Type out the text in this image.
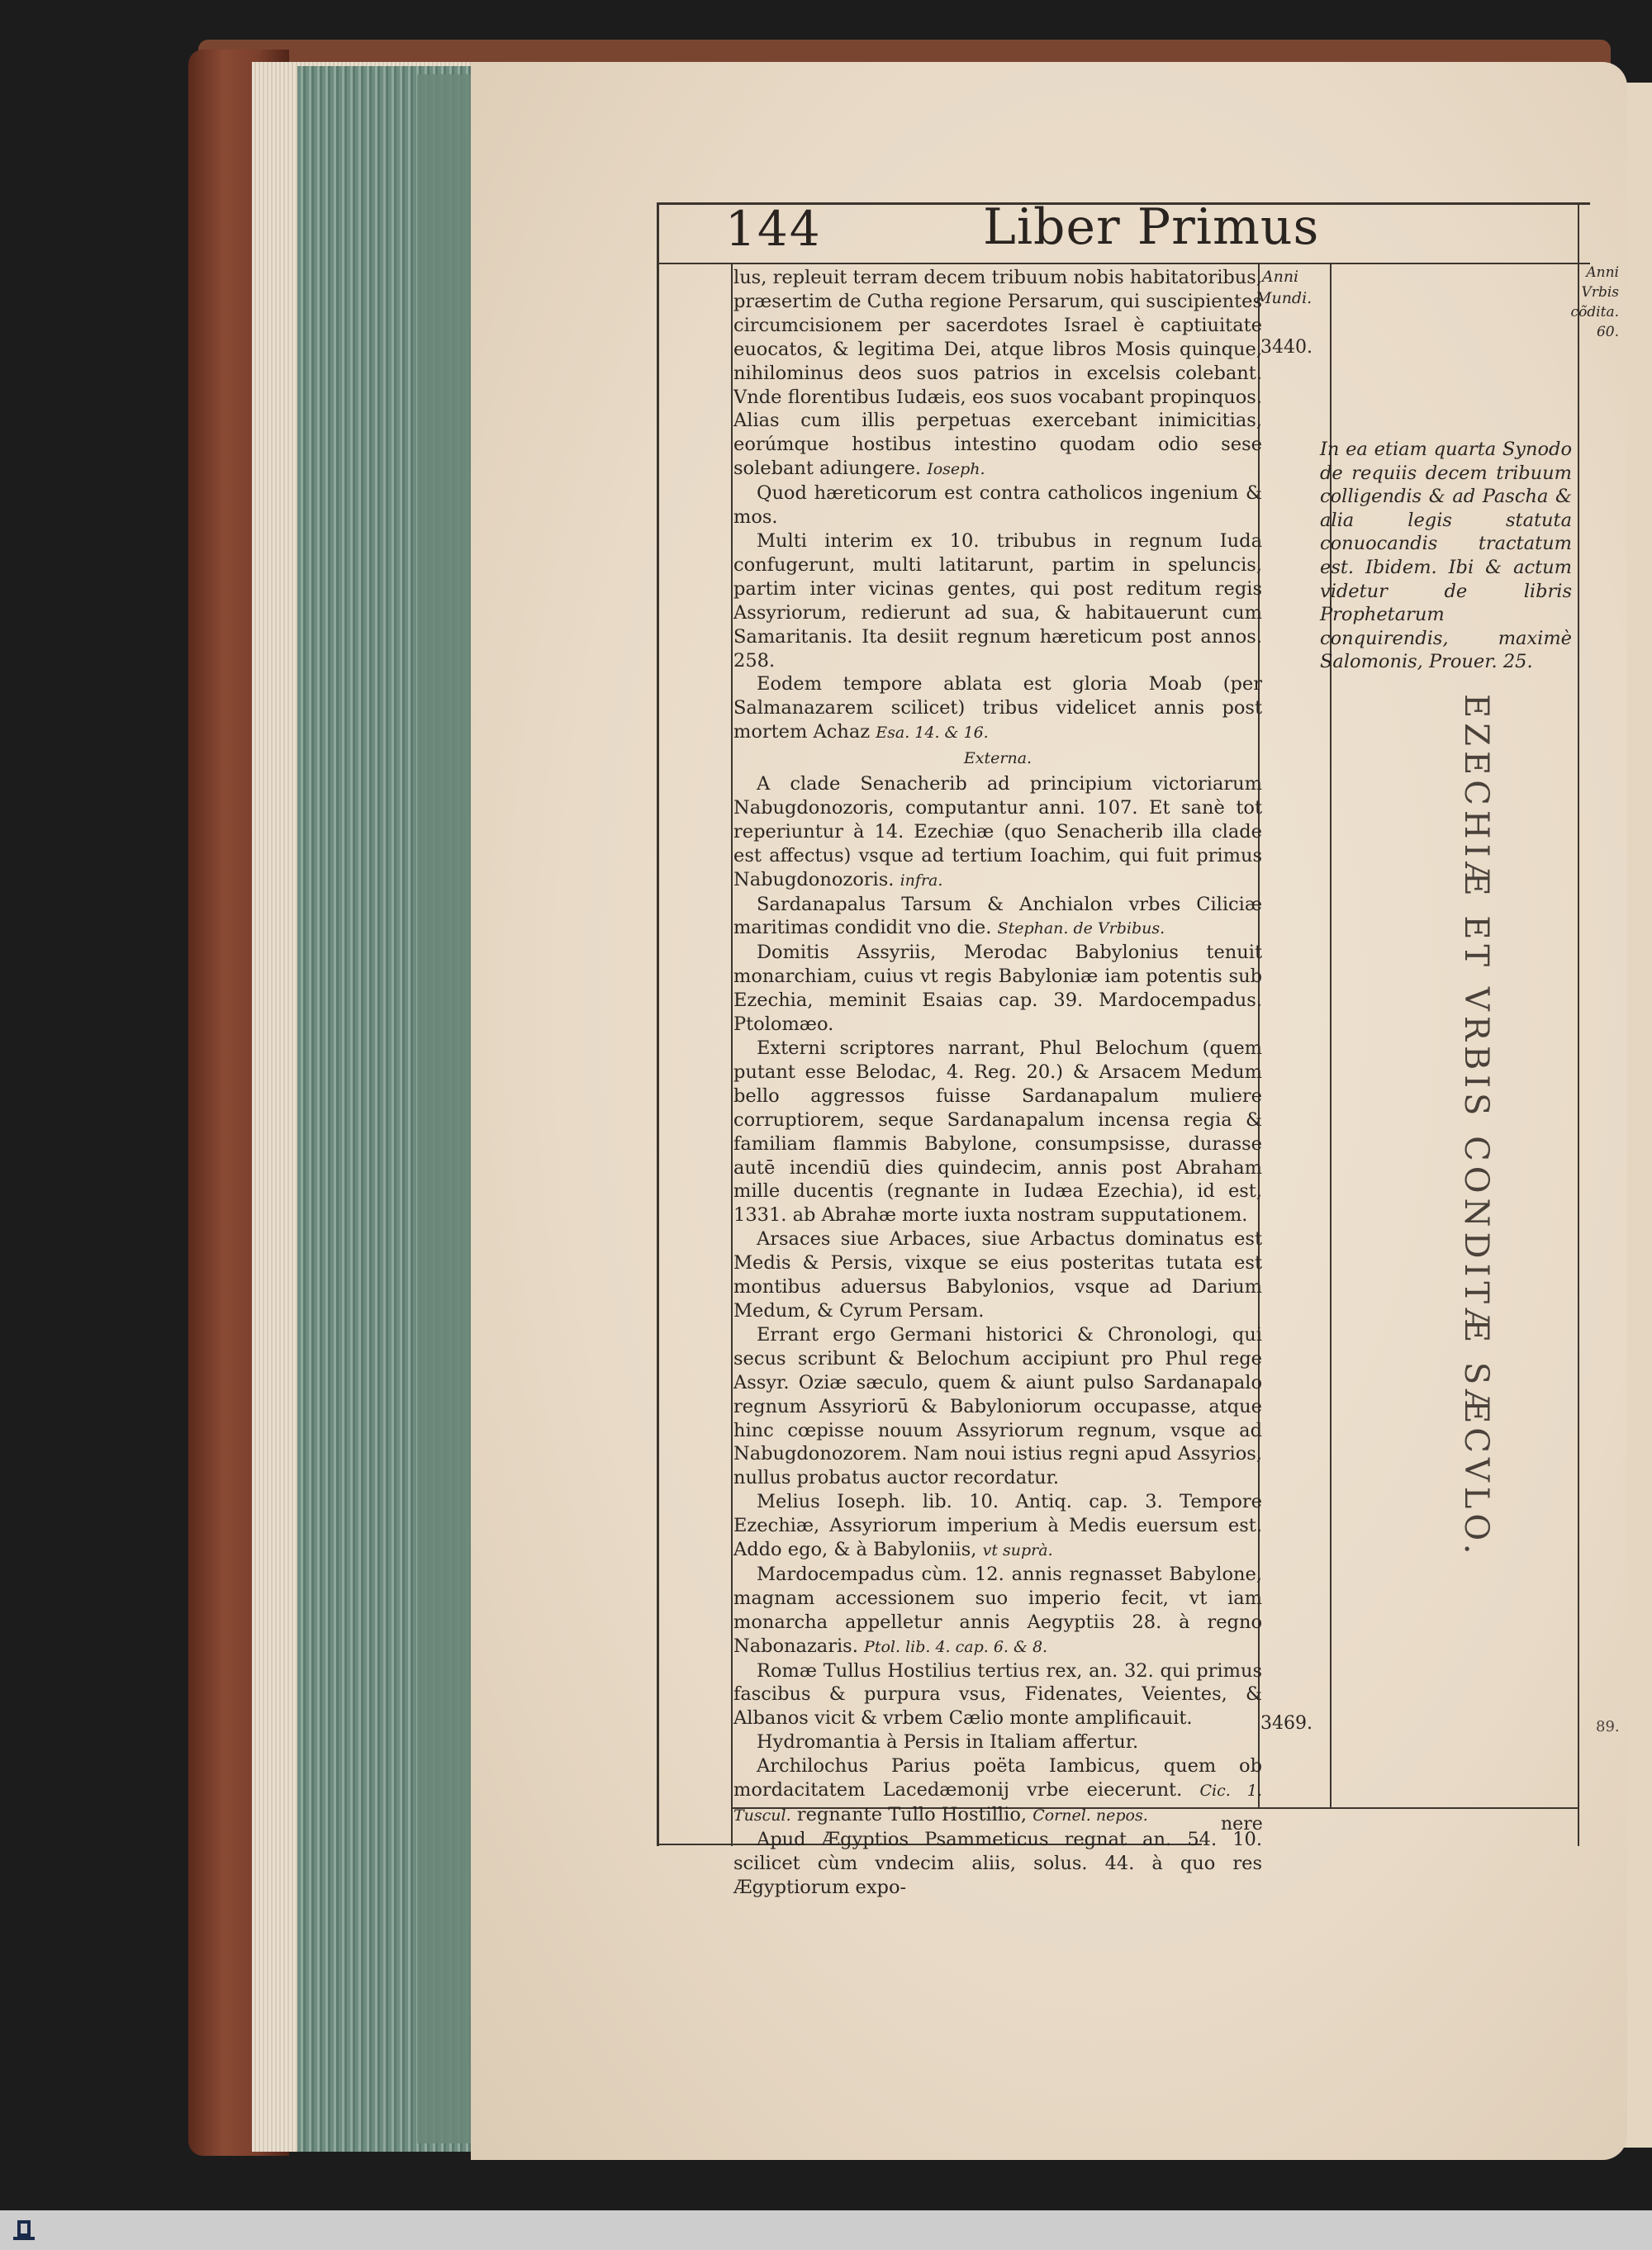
144	Liber Primus
Anni
Mundi.
3440.
3469.
Anni
Vrbis
cõdita.
60.
In ea etiam quarta Synodo de requiis decem tribuum colligendis & ad Pascha & alia legis statuta conuocandis tractatum est. Ibidem. Ibi & actum videtur de libris Prophetarum conquirendis, maximè Salomonis, Prouer. 25.
EZECHIÆ ET VRBIS CONDITÆ SÆCVLO.
89.

lus, repleuit terram decem tribuum nobis habitatoribus, præsertim de Cutha regione Persarum, qui suscipientes circumcisionem per sacerdotes Israel è captiuitate euocatos, & legitima Dei, atque libros Mosis quinque, nihilominus deos suos patrios in excelsis colebant. Vnde florentibus Iudæis, eos suos vocabant propinquos. Alias cum illis perpetuas exercebant inimicitias, eorúmque hostibus intestino quodam odio sese solebant adiungere. Ioseph.

Quod hæreticorum est contra catholicos ingenium & mos.

Multi interim ex 10. tribubus in regnum Iuda confugerunt, multi latitarunt, partim in speluncis, partim inter vicinas gentes, qui post reditum regis Assyriorum, redierunt ad sua, & habitauerunt cum Samaritanis. Ita desiit regnum hæreticum post annos. 258.

Eodem tempore ablata est gloria Moab (per Salmanazarem scilicet) tribus videlicet annis post mortem Achaz Esa. 14. & 16.

Externa.

A clade Senacherib ad principium victoriarum Nabugdonozoris, computantur anni. 107. Et sanè tot reperiuntur à 14. Ezechiæ (quo Senacherib illa clade est affectus) vsque ad tertium Ioachim, qui fuit primus Nabugdonozoris. infra.

Sardanapalus Tarsum & Anchialon vrbes Ciliciæ maritimas condidit vno die. Stephan. de Vrbibus.

Domitis Assyriis, Merodac Babylonius tenuit monarchiam, cuius vt regis Babyloniæ iam potentis sub Ezechia, meminit Esaias cap. 39. Mardocempadus. Ptolomæo.

Externi scriptores narrant, Phul Belochum (quem putant esse Belodac, 4. Reg. 20.) & Arsacem Medum bello aggressos fuisse Sardanapalum muliere corruptiorem, seque Sardanapalum incensa regia & familiam flammis Babylone, consumpsisse, durasse autē incendiū dies quindecim, annis post Abraham mille ducentis (regnante in Iudæa Ezechia), id est, 1331. ab Abrahæ morte iuxta nostram supputationem.

Arsaces siue Arbaces, siue Arbactus dominatus est Medis & Persis, vixque se eius posteritas tutata est montibus aduersus Babylonios, vsque ad Darium Medum, & Cyrum Persam.

Errant ergo Germani historici & Chronologi, qui secus scribunt & Belochum accipiunt pro Phul rege Assyr. Oziæ sæculo, quem & aiunt pulso Sardanapalo regnum Assyriorū & Babyloniorum occupasse, atque hinc cœpisse nouum Assyriorum regnum, vsque ad Nabugdonozorem. Nam noui istius regni apud Assyrios, nullus probatus auctor recordatur.

Melius Ioseph. lib. 10. Antiq. cap. 3. Tempore Ezechiæ, Assyriorum imperium à Medis euersum est. Addo ego, & à Babyloniis, vt suprà.

Mardocempadus cùm. 12. annis regnasset Babylone, magnam accessionem suo imperio fecit, vt iam monarcha appelletur annis Aegyptiis 28. à regno Nabonazaris. Ptol. lib. 4. cap. 6. & 8.

Romæ Tullus Hostilius tertius rex, an. 32. qui primus fascibus & purpura vsus, Fidenates, Veientes, & Albanos vicit & vrbem Cælio monte amplificauit.

Hydromantia à Persis in Italiam affertur.

Archilochus Parius poëta Iambicus, quem ob mordacitatem Lacedæmonij vrbe eiecerunt. Cic. 1. Tuscul. regnante Tullo Hostillio, Cornel. nepos.

Apud Ægyptios Psammeticus regnat an. 54. 10. scilicet cùm vndecim aliis, solus. 44. à quo res Ægyptiorum expo-

nere
